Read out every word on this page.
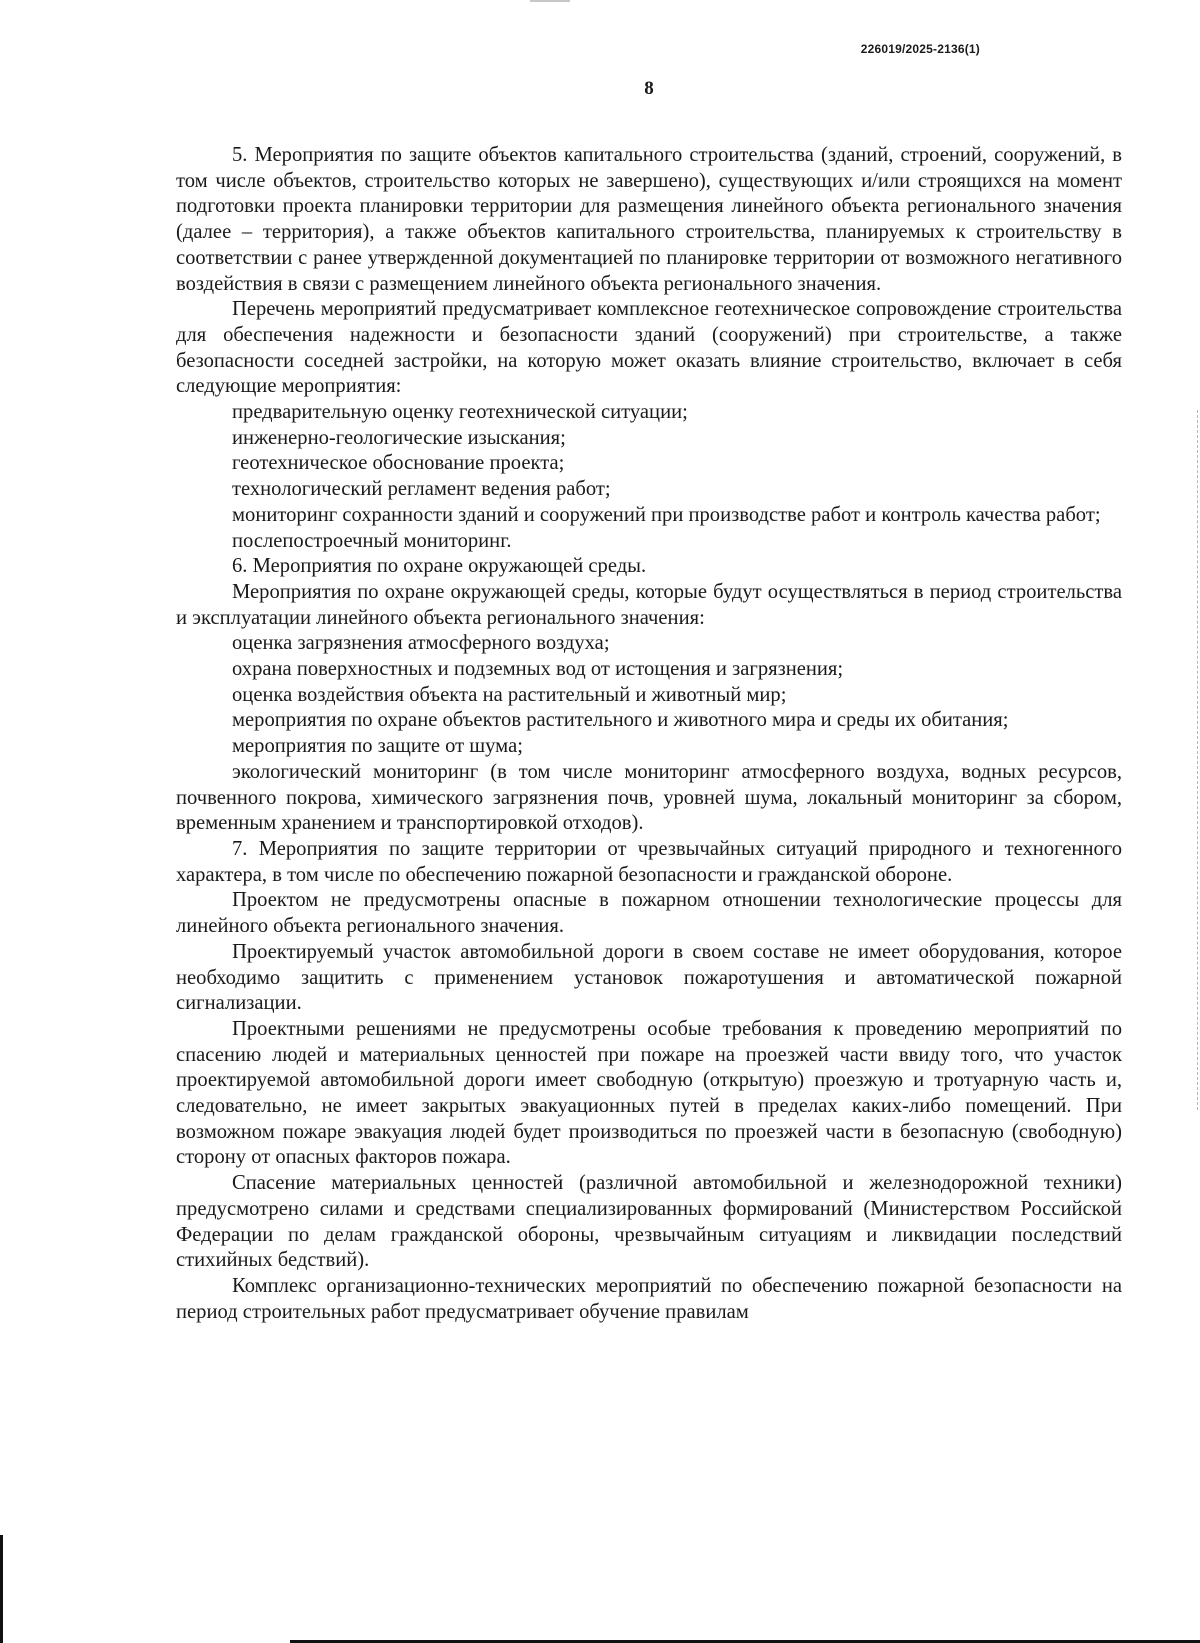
226019/2025-2136(1)
8

5. Мероприятия по защите объектов капитального строительства (зданий, строений, сооружений, в том числе объектов, строительство которых не завершено), существующих и/или строящихся на момент подготовки проекта планировки территории для размещения линейного объекта регионального значения (далее – территория), а также объектов капитального строительства, планируемых к строительству в соответствии с ранее утвержденной документацией по планировке территории от возможного негативного воздействия в связи с размещением линейного объекта регионального значения.

Перечень мероприятий предусматривает комплексное геотехническое сопровождение строительства для обеспечения надежности и безопасности зданий (сооружений) при строительстве, а также безопасности соседней застройки, на которую может оказать влияние строительство, включает в себя следующие мероприятия:

предварительную оценку геотехнической ситуации;

инженерно-геологические изыскания;

геотехническое обоснование проекта;

технологический регламент ведения работ;

мониторинг сохранности зданий и сооружений при производстве работ и контроль качества работ;

послепостроечный мониторинг.

6. Мероприятия по охране окружающей среды.

Мероприятия по охране окружающей среды, которые будут осуществляться в период строительства и эксплуатации линейного объекта регионального значения:

оценка загрязнения атмосферного воздуха;

охрана поверхностных и подземных вод от истощения и загрязнения;

оценка воздействия объекта на растительный и животный мир;

мероприятия по охране объектов растительного и животного мира и среды их обитания;

мероприятия по защите от шума;

экологический мониторинг (в том числе мониторинг атмосферного воздуха, водных ресурсов, почвенного покрова, химического загрязнения почв, уровней шума, локальный мониторинг за сбором, временным хранением и транспортировкой отходов).

7. Мероприятия по защите территории от чрезвычайных ситуаций природного и техногенного характера, в том числе по обеспечению пожарной безопасности и гражданской обороне.

Проектом не предусмотрены опасные в пожарном отношении технологические процессы для линейного объекта регионального значения.

Проектируемый участок автомобильной дороги в своем составе не имеет оборудования, которое необходимо защитить с применением установок пожаротушения и автоматической пожарной сигнализации.

Проектными решениями не предусмотрены особые требования к проведению мероприятий по спасению людей и материальных ценностей при пожаре на проезжей части ввиду того, что участок проектируемой автомобильной дороги имеет свободную (открытую) проезжую и тротуарную часть и, следовательно, не имеет закрытых эвакуационных путей в пределах каких-либо помещений. При возможном пожаре эвакуация людей будет производиться по проезжей части в безопасную (свободную) сторону от опасных факторов пожара.

Спасение материальных ценностей (различной автомобильной и железнодорожной техники) предусмотрено силами и средствами специализированных формирований (Министерством Российской Федерации по делам гражданской обороны, чрезвычайным ситуациям и ликвидации последствий стихийных бедствий).

Комплекс организационно-технических мероприятий по обеспечению пожарной безопасности на период строительных работ предусматривает обучение правилам
